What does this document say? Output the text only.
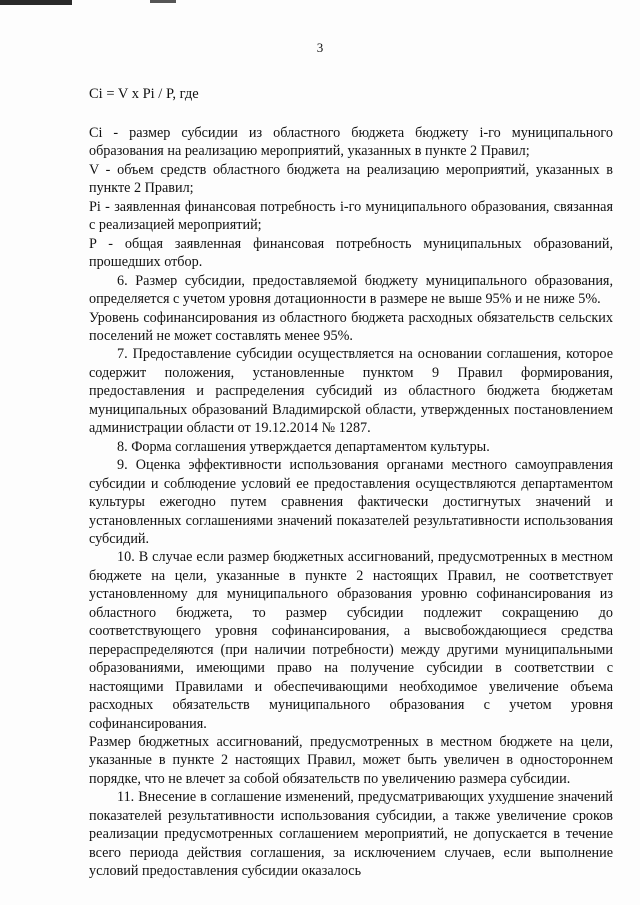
3
Ci = V x Pi / P, где

Ci - размер субсидии из областного бюджета бюджету i-го муниципального образования на реализацию мероприятий, указанных в пункте 2 Правил;

V - объем средств областного бюджета на реализацию мероприятий, указанных в пункте 2 Правил;

Pi - заявленная финансовая потребность i-го муниципального образования, связанная с реализацией мероприятий;

P - общая заявленная финансовая потребность муниципальных образований, прошедших отбор.

6. Размер субсидии, предоставляемой бюджету муниципального образования, определяется с учетом уровня дотационности в размере не выше 95% и не ниже 5%.

Уровень софинансирования из областного бюджета расходных обязательств сельских поселений не может составлять менее 95%.

7. Предоставление субсидии осуществляется на основании соглашения, которое содержит положения, установленные пунктом 9 Правил формирования, предоставления и распределения субсидий из областного бюджета бюджетам муниципальных образований Владимирской области, утвержденных постановлением администрации области от 19.12.2014 № 1287.

8. Форма соглашения утверждается департаментом культуры.

9. Оценка эффективности использования органами местного самоуправления субсидии и соблюдение условий ее предоставления осуществляются департаментом культуры ежегодно путем сравнения фактически достигнутых значений и установленных соглашениями значений показателей результативности использования субсидий.

10. В случае если размер бюджетных ассигнований, предусмотренных в местном бюджете на цели, указанные в пункте 2 настоящих Правил, не соответствует установленному для муниципального образования уровню софинансирования из областного бюджета, то размер субсидии подлежит сокращению до соответствующего уровня софинансирования, а высвобождающиеся средства перераспределяются (при наличии потребности) между другими муниципальными образованиями, имеющими право на получение субсидии в соответствии с настоящими Правилами и обеспечивающими необходимое увеличение объема расходных обязательств муниципального образования с учетом уровня софинансирования.

Размер бюджетных ассигнований, предусмотренных в местном бюджете на цели, указанные в пункте 2 настоящих Правил, может быть увеличен в одностороннем порядке, что не влечет за собой обязательств по увеличению размера субсидии.

11. Внесение в соглашение изменений, предусматривающих ухудшение значений показателей результативности использования субсидии, а также увеличение сроков реализации предусмотренных соглашением мероприятий, не допускается в течение всего периода действия соглашения, за исключением случаев, если выполнение условий предоставления субсидии оказалось
